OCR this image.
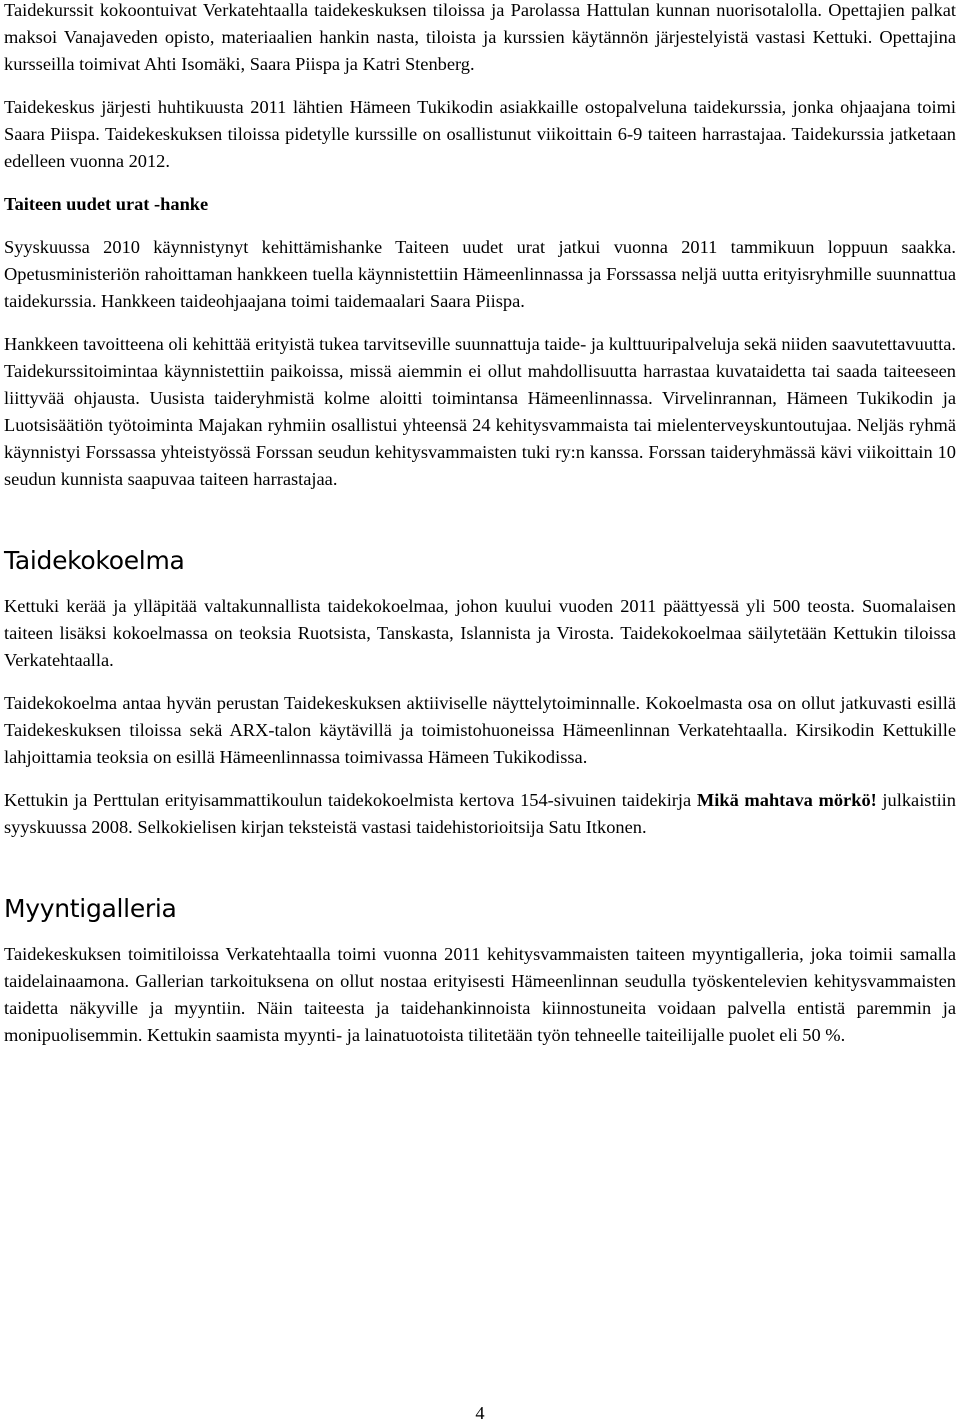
Taidekurssit kokoontuivat Verkatehtaalla taidekeskuksen tiloissa ja Parolassa Hattulan kunnan nuorisotalolla. Opettajien palkat maksoi Vanajaveden opisto, materiaalien hankin nasta, tiloista ja kurssien käytännön järjestelyistä vastasi Kettuki. Opettajina kursseilla toimivat Ahti Isomäki, Saara Piispa ja Katri Stenberg.

Taidekeskus järjesti huhtikuusta 2011 lähtien Hämeen Tukikodin asiakkaille ostopalveluna taidekurssia, jonka ohjaajana toimi Saara Piispa. Taidekeskuksen tiloissa pidetylle kurssille on osallistunut viikoittain 6-9 taiteen harrastajaa. Taidekurssia jatketaan edelleen vuonna 2012.

Taiteen uudet urat -hanke

Syyskuussa 2010 käynnistynyt kehittämishanke Taiteen uudet urat jatkui vuonna 2011 tammikuun loppuun saakka. Opetusministeriön rahoittaman hankkeen tuella käynnistettiin Hämeenlinnassa ja Forssassa neljä uutta erityisryhmille suunnattua taidekurssia. Hankkeen taideohjaajana toimi taidemaalari Saara Piispa.

Hankkeen tavoitteena oli kehittää erityistä tukea tarvitseville suunnattuja taide- ja kulttuuripalveluja sekä niiden saavutettavuutta. Taidekurssitoimintaa käynnistettiin paikoissa, missä aiemmin ei ollut mahdollisuutta harrastaa kuvataidetta tai saada taiteeseen liittyvää ohjausta. Uusista taideryhmistä kolme aloitti toimintansa Hämeenlinnassa. Virvelinrannan, Hämeen Tukikodin ja Luotsisäätiön työtoiminta Majakan ryhmiin osallistui yhteensä 24 kehitysvammaista tai mielenterveyskuntoutujaa. Neljäs ryhmä käynnistyi Forssassa yhteistyössä Forssan seudun kehitysvammaisten tuki ry:n kanssa. Forssan taideryhmässä kävi viikoittain 10 seudun kunnista saapuvaa taiteen harrastajaa.

Taidekokoelma

Kettuki kerää ja ylläpitää valtakunnallista taidekokoelmaa, johon kuului vuoden 2011 päättyessä yli 500 teosta. Suomalaisen taiteen lisäksi kokoelmassa on teoksia Ruotsista, Tanskasta, Islannista ja Virosta. Taidekokoelmaa säilytetään Kettukin tiloissa Verkatehtaalla.

Taidekokoelma antaa hyvän perustan Taidekeskuksen aktiiviselle näyttelytoiminnalle. Kokoelmasta osa on ollut jatkuvasti esillä Taidekeskuksen tiloissa sekä ARX-talon käytävillä ja toimistohuoneissa Hämeenlinnan Verkatehtaalla. Kirsikodin Kettukille lahjoittamia teoksia on esillä Hämeenlinnassa toimivassa Hämeen Tukikodissa.

Kettukin ja Perttulan erityisammattikoulun taidekokoelmista kertova 154-sivuinen taidekirja Mikä mahtava mörkö! julkaistiin syyskuussa 2008. Selkokielisen kirjan teksteistä vastasi taidehistorioitsija Satu Itkonen.

Myyntigalleria

Taidekeskuksen toimitiloissa Verkatehtaalla toimi vuonna 2011 kehitysvammaisten taiteen myyntigalleria, joka toimii samalla taidelainaamona. Gallerian tarkoituksena on ollut nostaa erityisesti Hämeenlinnan seudulla työskentelevien kehitysvammaisten taidetta näkyville ja myyntiin. Näin taiteesta ja taidehankinnoista kiinnostuneita voidaan palvella entistä paremmin ja monipuolisemmin. Kettukin saamista myynti- ja lainatuotoista tilitetään työn tehneelle taiteilijalle puolet eli 50 %.

4
